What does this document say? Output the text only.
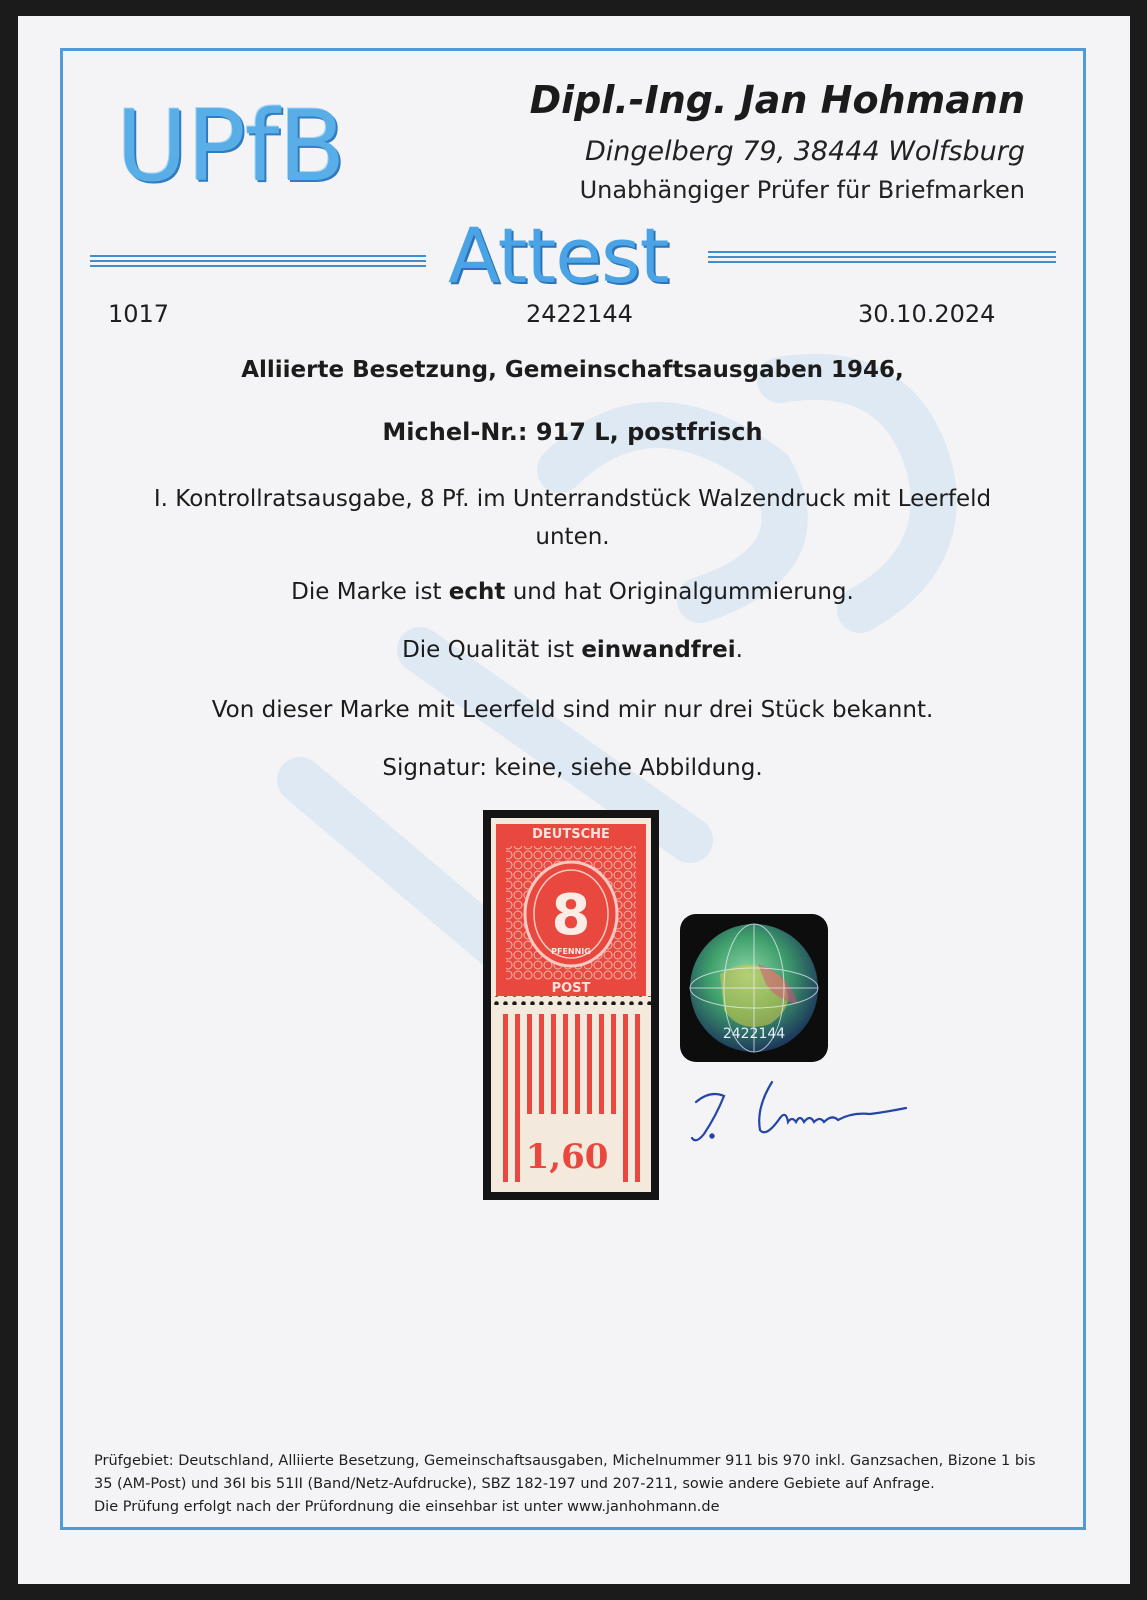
UPfB	Dipl.-Ing. Jan Hohmann
Dingelberg 79, 38444 Wolfsburg
Unabhängiger Prüfer für Briefmarken
Attest
1017	2422144	30.10.2024
Alliierte Besetzung, Gemeinschaftsausgaben 1946,
Michel-Nr.: 917 L, postfrisch
I. Kontrollratsausgabe, 8 Pf. im Unterrandstück Walzendruck mit Leerfeld
unten.
Die Marke ist echt und hat Originalgummierung.
Die Qualität ist einwandfrei.
Von dieser Marke mit Leerfeld sind mir nur drei Stück bekannt.
Signatur: keine, siehe Abbildung.
DEUTSCHE
8
PFENNIG
POST
1,60
2422144
Prüfgebiet: Deutschland, Alliierte Besetzung, Gemeinschaftsausgaben, Michelnummer 911 bis 970 inkl. Ganzsachen, Bizone 1 bis
35 (AM-Post) und 36I bis 51II (Band/Netz-Aufdrucke), SBZ 182-197 und 207-211, sowie andere Gebiete auf Anfrage.
Die Prüfung erfolgt nach der Prüfordnung die einsehbar ist unter www.janhohmann.de
